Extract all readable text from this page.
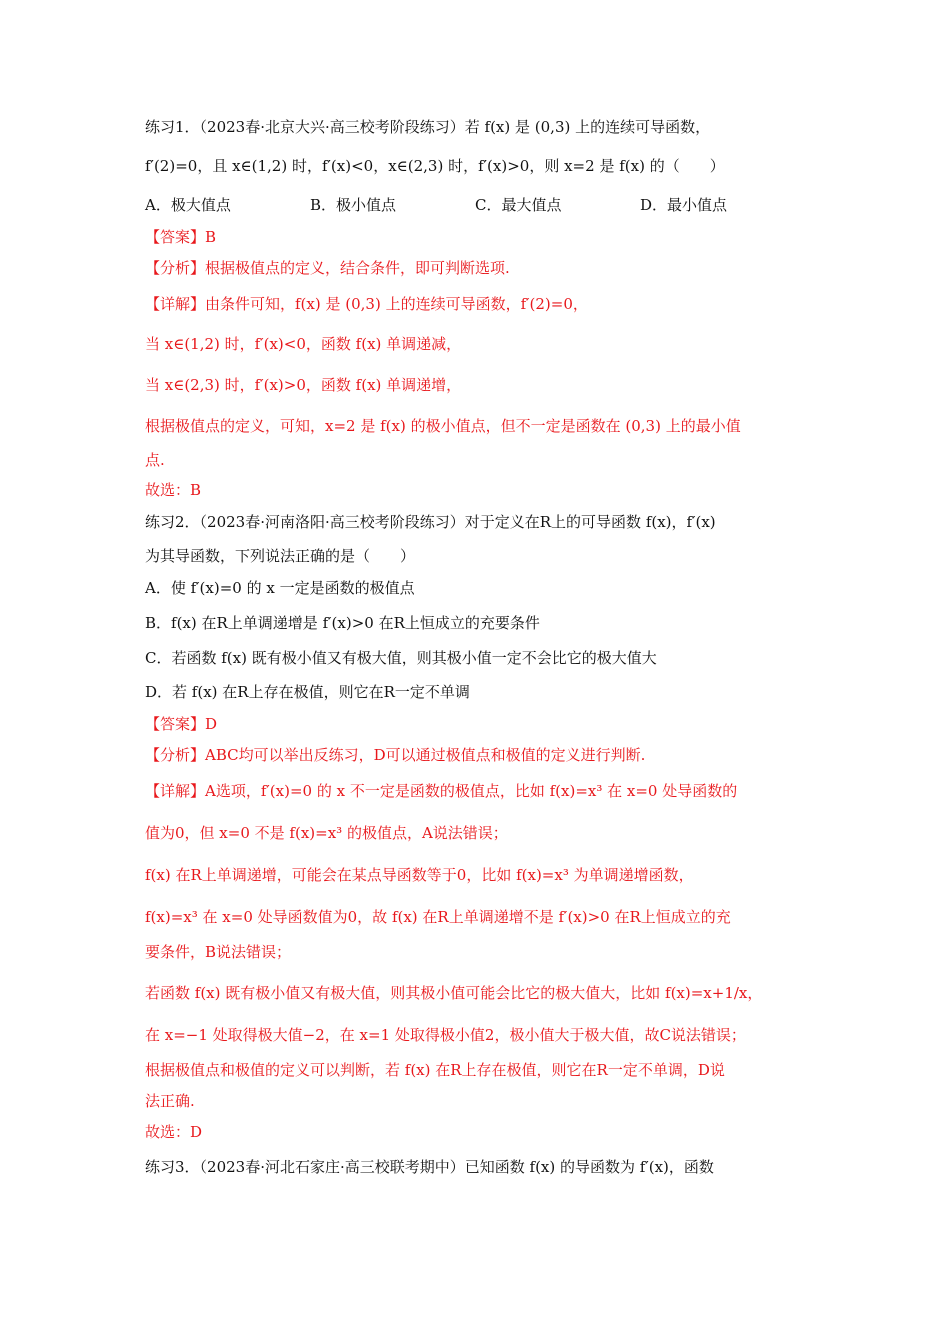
练习1．（2023春·北京大兴·高三校考阶段练习）若 f(x) 是 (0,3) 上的连续可导函数，

f′(2)=0，且 x∈(1,2) 时，f′(x)<0，x∈(2,3) 时，f′(x)>0，则 x=2 是 f(x) 的（　　）

A．极大值点	B．极小值点	C．最大值点	D．最小值点

【答案】B

【分析】根据极值点的定义，结合条件，即可判断选项.

【详解】由条件可知，f(x) 是 (0,3) 上的连续可导函数，f′(2)=0，

当 x∈(1,2) 时，f′(x)<0，函数 f(x) 单调递减，

当 x∈(2,3) 时，f′(x)>0，函数 f(x) 单调递增，

根据极值点的定义，可知，x=2 是 f(x) 的极小值点，但不一定是函数在 (0,3) 上的最小值

点.

故选：B

练习2．（2023春·河南洛阳·高三校考阶段练习）对于定义在R上的可导函数 f(x)，f′(x)

为其导函数，下列说法正确的是（　　）

A．使 f′(x)=0 的 x 一定是函数的极值点

B．f(x) 在R上单调递增是 f′(x)>0 在R上恒成立的充要条件

C．若函数 f(x) 既有极小值又有极大值，则其极小值一定不会比它的极大值大

D．若 f(x) 在R上存在极值，则它在R一定不单调

【答案】D

【分析】ABC均可以举出反练习，D可以通过极值点和极值的定义进行判断.

【详解】A选项，f′(x)=0 的 x 不一定是函数的极值点，比如 f(x)=x³ 在 x=0 处导函数的

值为0，但 x=0 不是 f(x)=x³ 的极值点，A说法错误；

f(x) 在R上单调递增，可能会在某点导函数等于0，比如 f(x)=x³ 为单调递增函数，

f(x)=x³ 在 x=0 处导函数值为0，故 f(x) 在R上单调递增不是 f′(x)>0 在R上恒成立的充

要条件，B说法错误；

若函数 f(x) 既有极小值又有极大值，则其极小值可能会比它的极大值大，比如 f(x)=x+1/x，

在 x=−1 处取得极大值−2，在 x=1 处取得极小值2，极小值大于极大值，故C说法错误；

根据极值点和极值的定义可以判断，若 f(x) 在R上存在极值，则它在R一定不单调，D说

法正确.

故选：D

练习3．（2023春·河北石家庄·高三校联考期中）已知函数 f(x) 的导函数为 f′(x)，函数
